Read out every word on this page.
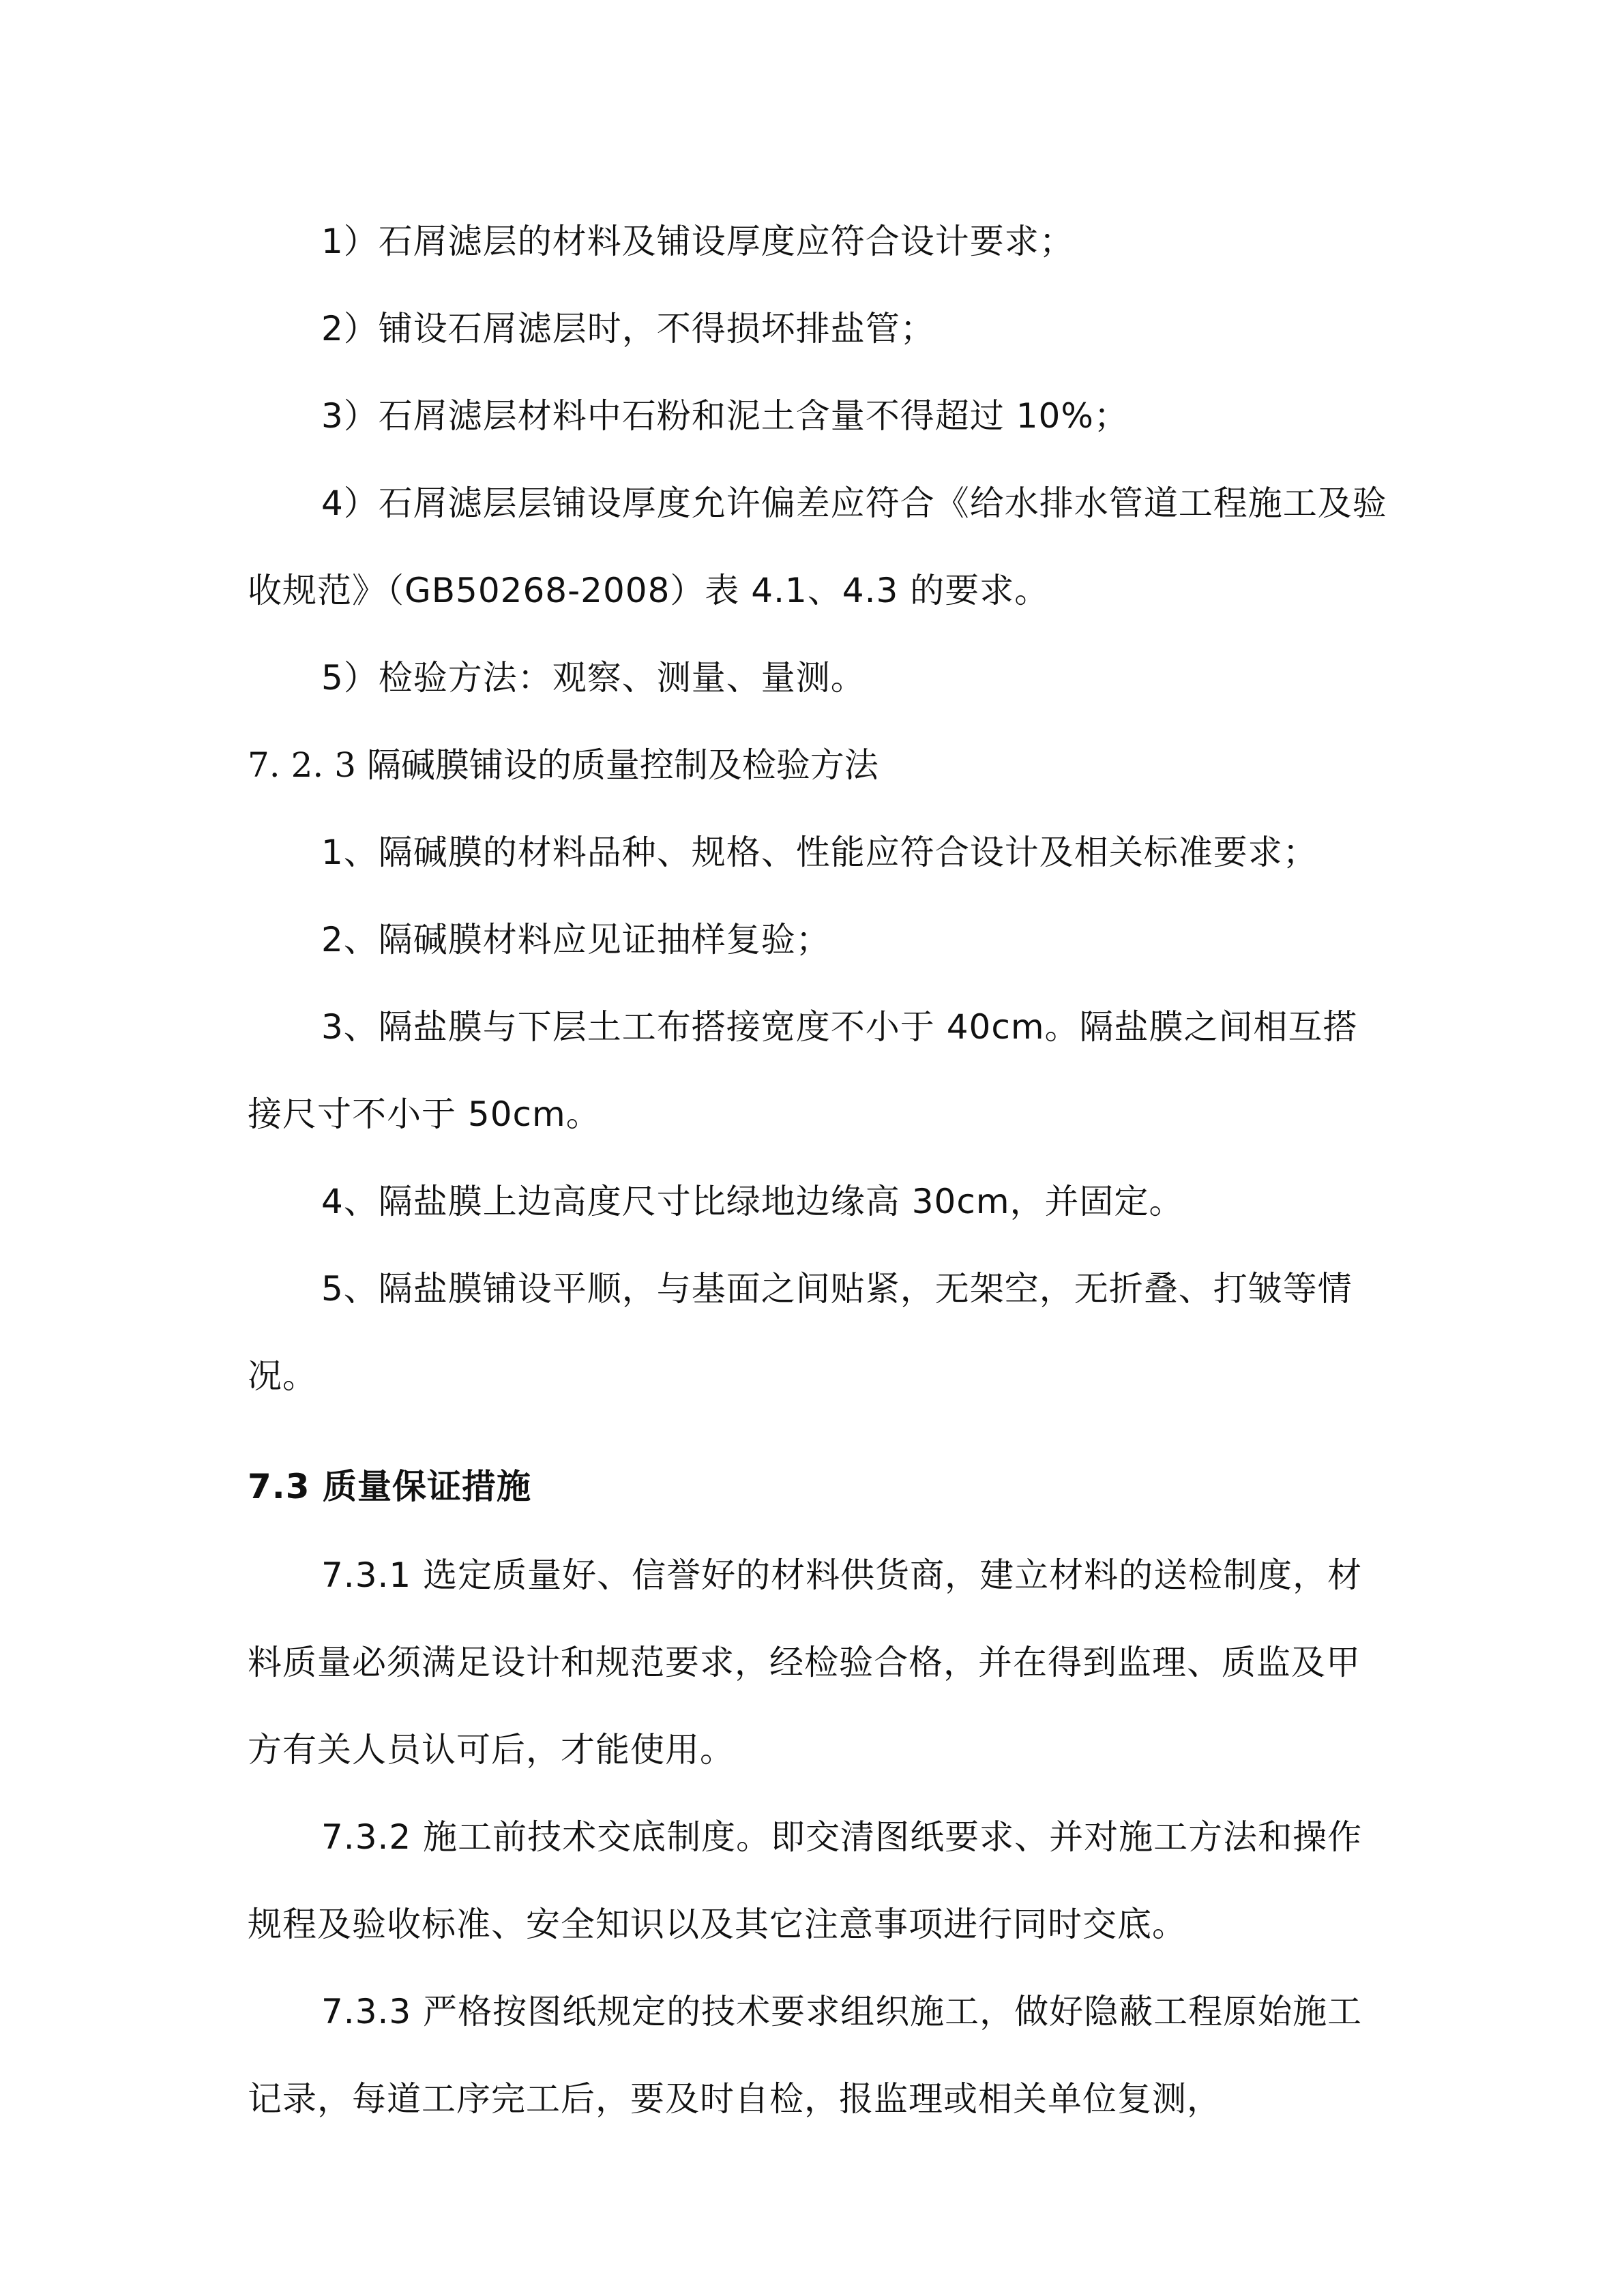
1）石屑滤层的材料及铺设厚度应符合设计要求；

2）铺设石屑滤层时，不得损坏排盐管；

3）石屑滤层材料中石粉和泥土含量不得超过 10%；

4）石屑滤层层铺设厚度允许偏差应符合《给水排水管道工程施工及验收规范》（GB50268-2008）表 4.1、4.3 的要求。

5）检验方法：观察、测量、量测。

7. 2. 3 隔碱膜铺设的质量控制及检验方法

1、隔碱膜的材料品种、规格、性能应符合设计及相关标准要求；

2、隔碱膜材料应见证抽样复验；

3、隔盐膜与下层土工布搭接宽度不小于 40cm。隔盐膜之间相互搭接尺寸不小于 50cm。

4、隔盐膜上边高度尺寸比绿地边缘高 30cm，并固定。

5、隔盐膜铺设平顺，与基面之间贴紧，无架空，无折叠、打皱等情况。

7.3 质量保证措施

7.3.1 选定质量好、信誉好的材料供货商，建立材料的送检制度，材料质量必须满足设计和规范要求，经检验合格，并在得到监理、质监及甲方有关人员认可后，才能使用。

7.3.2 施工前技术交底制度。即交清图纸要求、并对施工方法和操作规程及验收标准、安全知识以及其它注意事项进行同时交底。

7.3.3 严格按图纸规定的技术要求组织施工，做好隐蔽工程原始施工记录，每道工序完工后，要及时自检，报监理或相关单位复测，
